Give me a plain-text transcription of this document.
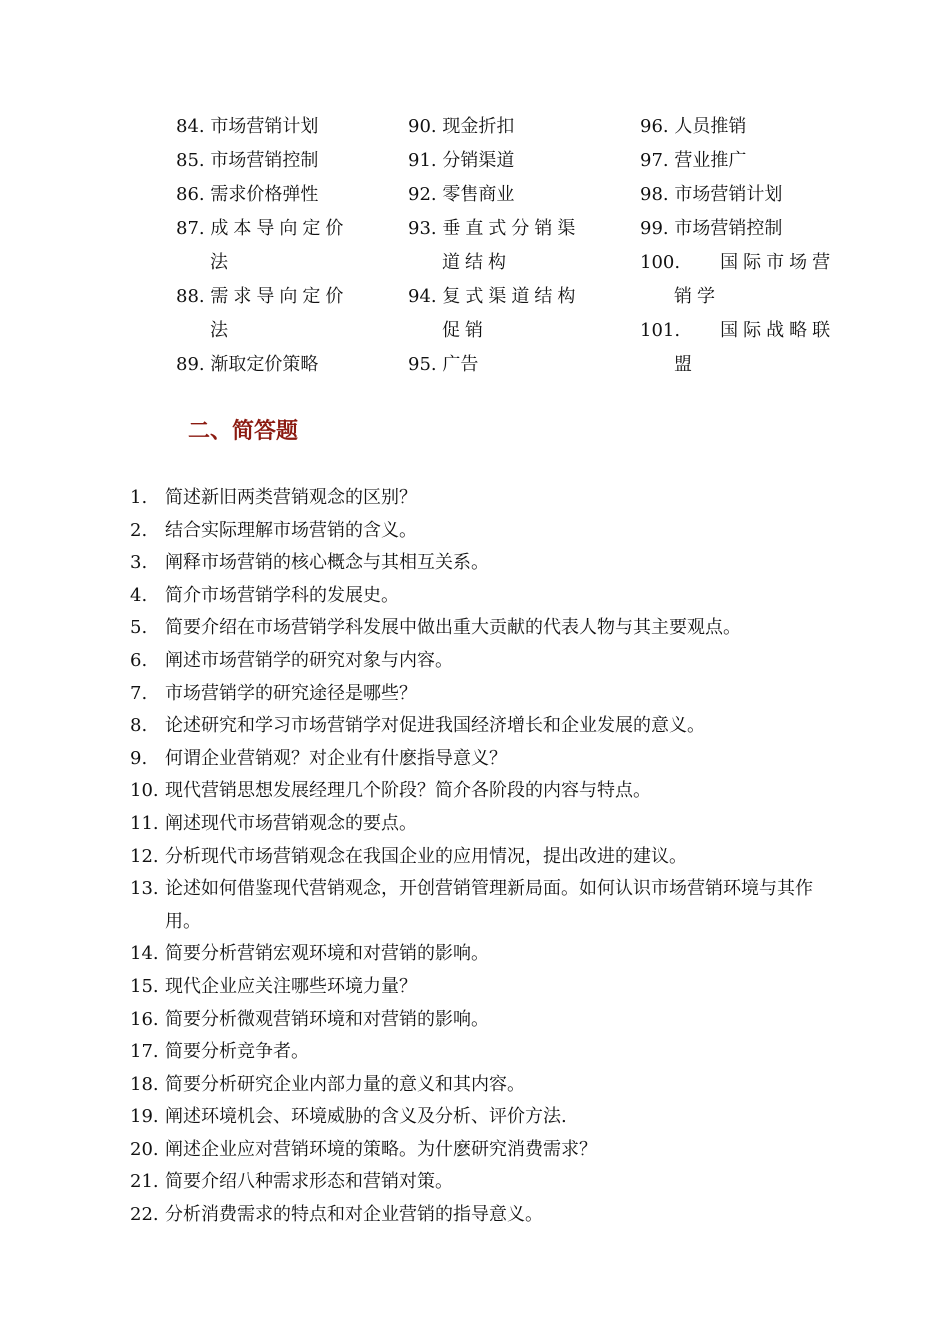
84. 市场营销计划
85. 市场营销控制
86. 需求价格弹性
87. 成本导向定价
法
88. 需求导向定价
法
89. 渐取定价策略
90. 现金折扣
91. 分销渠道
92. 零售商业
93. 垂直式分销渠
道结构
94. 复式渠道结构
促销
95. 广告
96. 人员推销
97. 营业推广
98. 市场营销计划
99. 市场营销控制
100. 国际市场营
销学
101. 国际战略联
盟
二、简答题
1. 简述新旧两类营销观念的区别？
2. 结合实际理解市场营销的含义。
3. 阐释市场营销的核心概念与其相互关系。
4. 简介市场营销学科的发展史。
5. 简要介绍在市场营销学科发展中做出重大贡献的代表人物与其主要观点。
6. 阐述市场营销学的研究对象与内容。
7. 市场营销学的研究途径是哪些？
8. 论述研究和学习市场营销学对促进我国经济增长和企业发展的意义。
9. 何谓企业营销观？对企业有什麽指导意义？
10. 现代营销思想发展经理几个阶段？简介各阶段的内容与特点。
11. 阐述现代市场营销观念的要点。
12. 分析现代市场营销观念在我国企业的应用情况，提出改进的建议。
13. 论述如何借鉴现代营销观念，开创营销管理新局面。如何认识市场营销环境与其作用。
14. 简要分析营销宏观环境和对营销的影响。
15. 现代企业应关注哪些环境力量？
16. 简要分析微观营销环境和对营销的影响。
17. 简要分析竞争者。
18. 简要分析研究企业内部力量的意义和其内容。
19. 阐述环境机会、环境威胁的含义及分析、评价方法.
20. 阐述企业应对营销环境的策略。为什麽研究消费需求？
21. 简要介绍八种需求形态和营销对策。
22. 分析消费需求的特点和对企业营销的指导意义。
